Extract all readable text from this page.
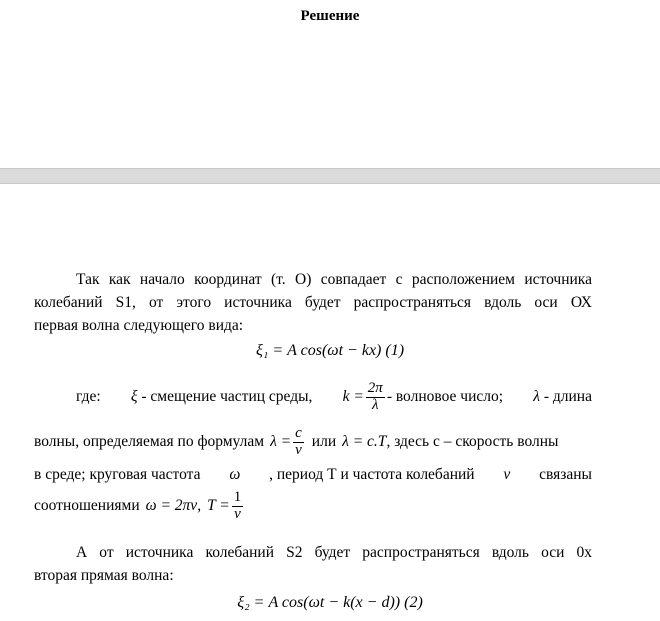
Решение
Так как начало координат (т. О) совпадает с расположением источника
колебаний S1, от этого источника будет распространяться вдоль оси ОХ
первая волна следующего вида:
ξ₁ = A cos(ωt − kx) (1)
где: ξ - смещение частиц среды, $k = \frac{2\pi}{\lambda}$ - волновое число; λ - длина
волны, определяемая по формулам $\lambda = \frac{c}{\nu}$ или λ = c.T , здесь с – скорость волны
в среде; круговая частота ω , период Т и частота колебаний ν связаны
соотношениями ω = 2πν , $T = \frac{1}{\nu}$
А от источника колебаний S2 будет распространяться вдоль оси 0х
вторая прямая волна:
ξ₂ = A cos(ωt − k(x − d)) (2)
